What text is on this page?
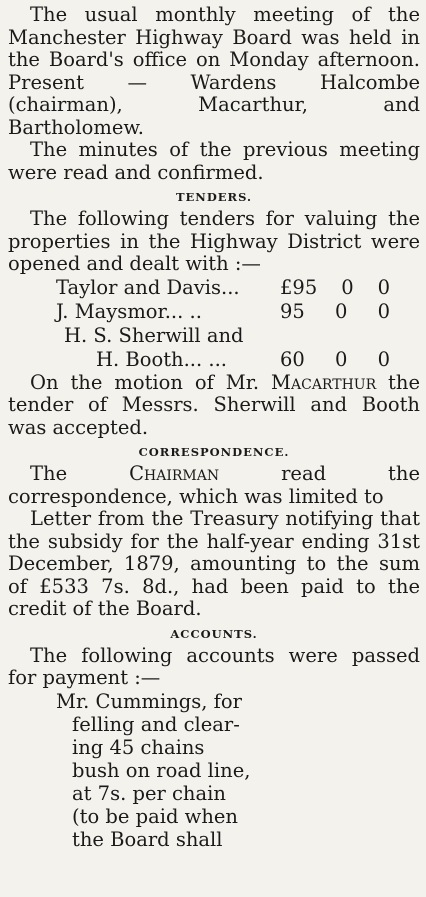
The usual monthly meeting of the Manchester Highway Board was held in the Board's office on Monday afternoon. Present — Wardens Halcombe (chairman), Macarthur, and Bartholomew.

The minutes of the previous meeting were read and confirmed.

TENDERS.

The following tenders for valuing the properties in the Highway District were opened and dealt with :—

Taylor and Davis... £95 0 0
J. Maysmor... ..	95 0 0
H. S. Sherwill and
H. Booth... ...	60 0 0

On the motion of Mr. Macarthur the tender of Messrs. Sherwill and Booth was accepted.

CORRESPONDENCE.

The Chairman read the correspondence, which was limited to

Letter from the Treasury notifying that the subsidy for the half-year ending 31st December, 1879, amounting to the sum of £533 7s. 8d., had been paid to the credit of the Board.

ACCOUNTS.

The following accounts were passed for payment :—

Mr. Cummings, for

felling and clear-

ing 45 chains

bush on road line,

at 7s. per chain

(to be paid when

the Board shall
